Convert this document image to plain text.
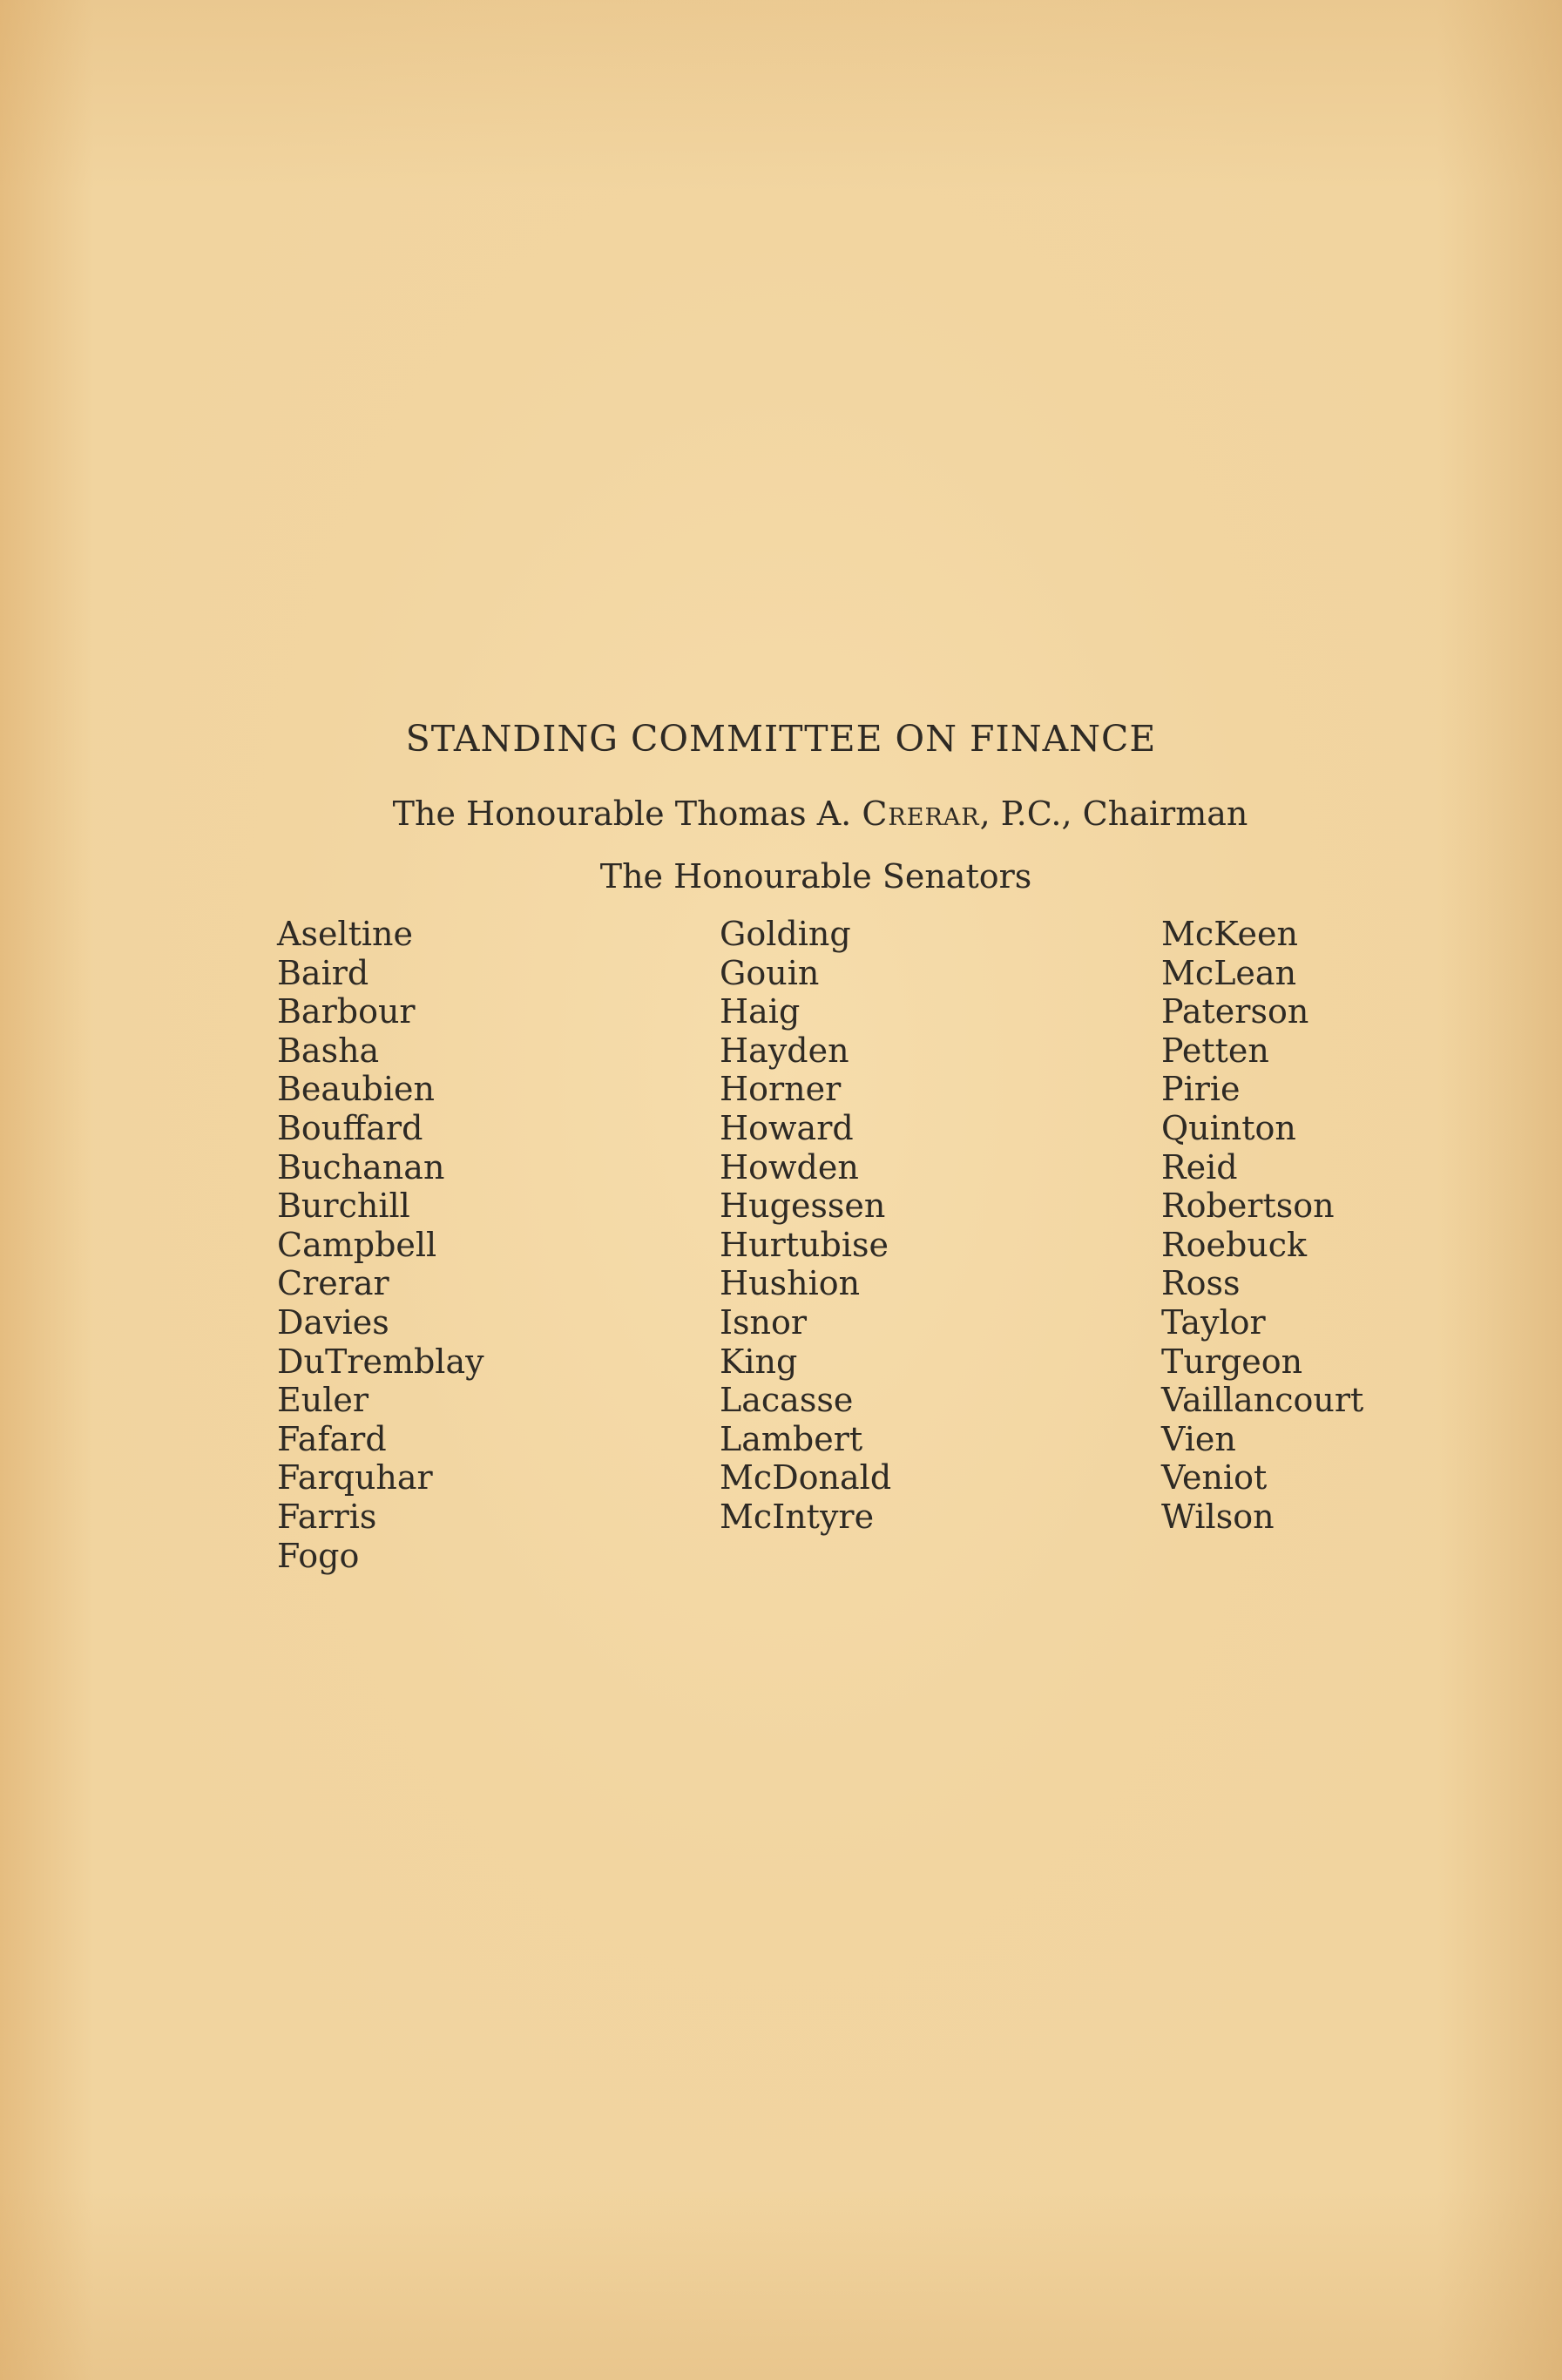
STANDING COMMITTEE ON FINANCE
The Honourable Thomas A. Crerar, P.C., Chairman
The Honourable Senators
Aseltine
Baird
Barbour
Basha
Beaubien
Bouffard
Buchanan
Burchill
Campbell
Crerar
Davies
DuTremblay
Euler
Fafard
Farquhar
Farris
Fogo
Golding
Gouin
Haig
Hayden
Horner
Howard
Howden
Hugessen
Hurtubise
Hushion
Isnor
King
Lacasse
Lambert
McDonald
McIntyre
McKeen
McLean
Paterson
Petten
Pirie
Quinton
Reid
Robertson
Roebuck
Ross
Taylor
Turgeon
Vaillancourt
Vien
Veniot
Wilson
